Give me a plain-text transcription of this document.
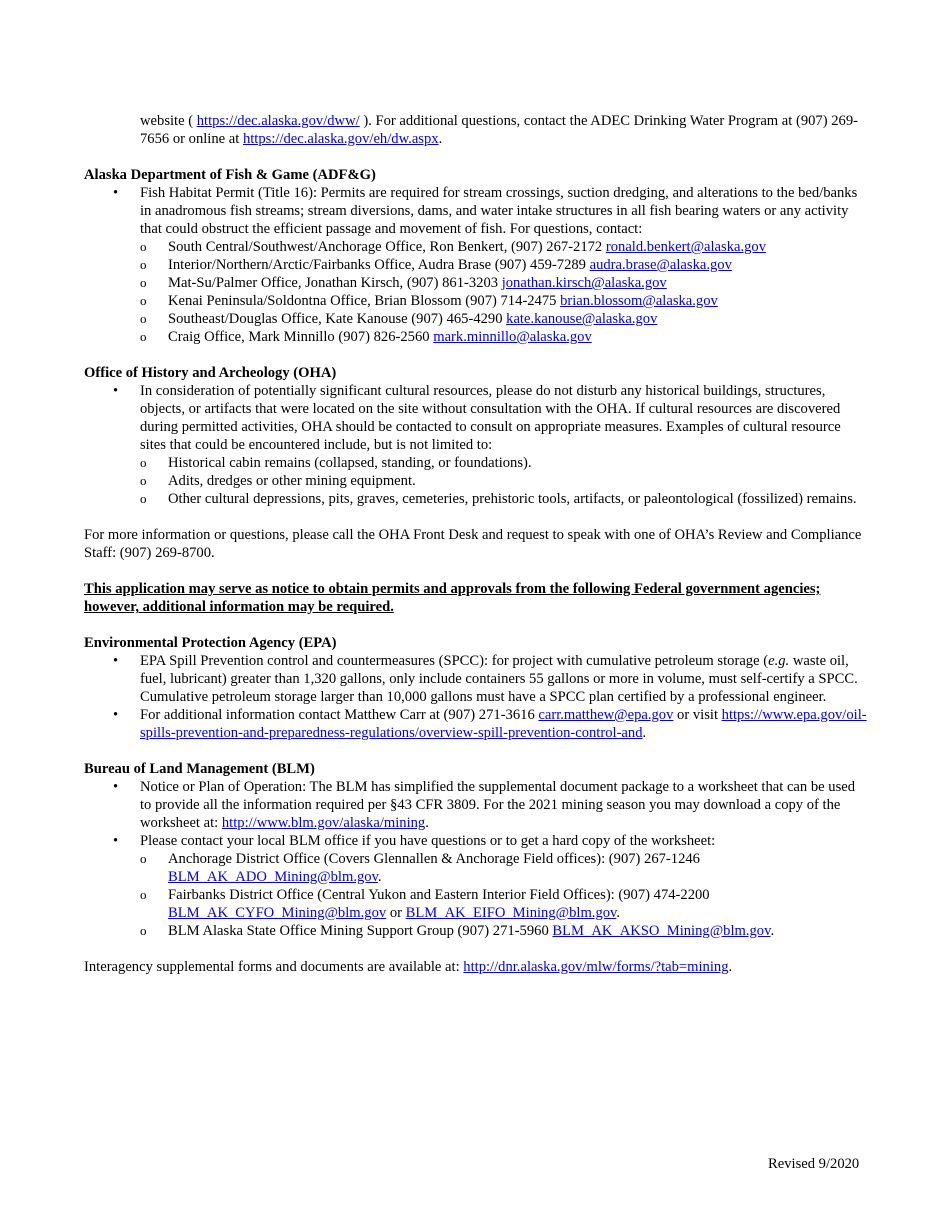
website ( https://dec.alaska.gov/dww/ ). For additional questions, contact the ADEC Drinking Water Program at (907) 269-7656 or online at https://dec.alaska.gov/eh/dw.aspx.

Alaska Department of Fish & Game (ADF&G)

• Fish Habitat Permit (Title 16): Permits are required for stream crossings, suction dredging, and alterations to the bed/banks in anadromous fish streams; stream diversions, dams, and water intake structures in all fish bearing waters or any activity that could obstruct the efficient passage and movement of fish. For questions, contact:
o South Central/Southwest/Anchorage Office, Ron Benkert, (907) 267-2172 ronald.benkert@alaska.gov
o Interior/Northern/Arctic/Fairbanks Office, Audra Brase (907) 459-7289 audra.brase@alaska.gov
o Mat-Su/Palmer Office, Jonathan Kirsch, (907) 861-3203 jonathan.kirsch@alaska.gov
o Kenai Peninsula/Soldontna Office, Brian Blossom (907) 714-2475 brian.blossom@alaska.gov
o Southeast/Douglas Office, Kate Kanouse (907) 465-4290 kate.kanouse@alaska.gov
o Craig Office, Mark Minnillo (907) 826-2560 mark.minnillo@alaska.gov

Office of History and Archeology (OHA)

• In consideration of potentially significant cultural resources, please do not disturb any historical buildings, structures, objects, or artifacts that were located on the site without consultation with the OHA. If cultural resources are discovered during permitted activities, OHA should be contacted to consult on appropriate measures. Examples of cultural resource sites that could be encountered include, but is not limited to:
o Historical cabin remains (collapsed, standing, or foundations).
o Adits, dredges or other mining equipment.
o Other cultural depressions, pits, graves, cemeteries, prehistoric tools, artifacts, or paleontological (fossilized) remains.

For more information or questions, please call the OHA Front Desk and request to speak with one of OHA’s Review and Compliance Staff: (907) 269-8700.

This application may serve as notice to obtain permits and approvals from the following Federal government agencies; however, additional information may be required.

Environmental Protection Agency (EPA)

• EPA Spill Prevention control and countermeasures (SPCC): for project with cumulative petroleum storage (e.g. waste oil, fuel, lubricant) greater than 1,320 gallons, only include containers 55 gallons or more in volume, must self-certify a SPCC. Cumulative petroleum storage larger than 10,000 gallons must have a SPCC plan certified by a professional engineer.
• For additional information contact Matthew Carr at (907) 271-3616 carr.matthew@epa.gov or visit https://www.epa.gov/oil-spills-prevention-and-preparedness-regulations/overview-spill-prevention-control-and.

Bureau of Land Management (BLM)

• Notice or Plan of Operation: The BLM has simplified the supplemental document package to a worksheet that can be used to provide all the information required per §43 CFR 3809. For the 2021 mining season you may download a copy of the worksheet at: http://www.blm.gov/alaska/mining.
• Please contact your local BLM office if you have questions or to get a hard copy of the worksheet:
o Anchorage District Office (Covers Glennallen & Anchorage Field offices): (907) 267-1246 BLM_AK_ADO_Mining@blm.gov.
o Fairbanks District Office (Central Yukon and Eastern Interior Field Offices): (907) 474-2200 BLM_AK_CYFO_Mining@blm.gov or BLM_AK_EIFO_Mining@blm.gov.
o BLM Alaska State Office Mining Support Group (907) 271-5960 BLM_AK_AKSO_Mining@blm.gov.

Interagency supplemental forms and documents are available at: http://dnr.alaska.gov/mlw/forms/?tab=mining.

Revised 9/2020
